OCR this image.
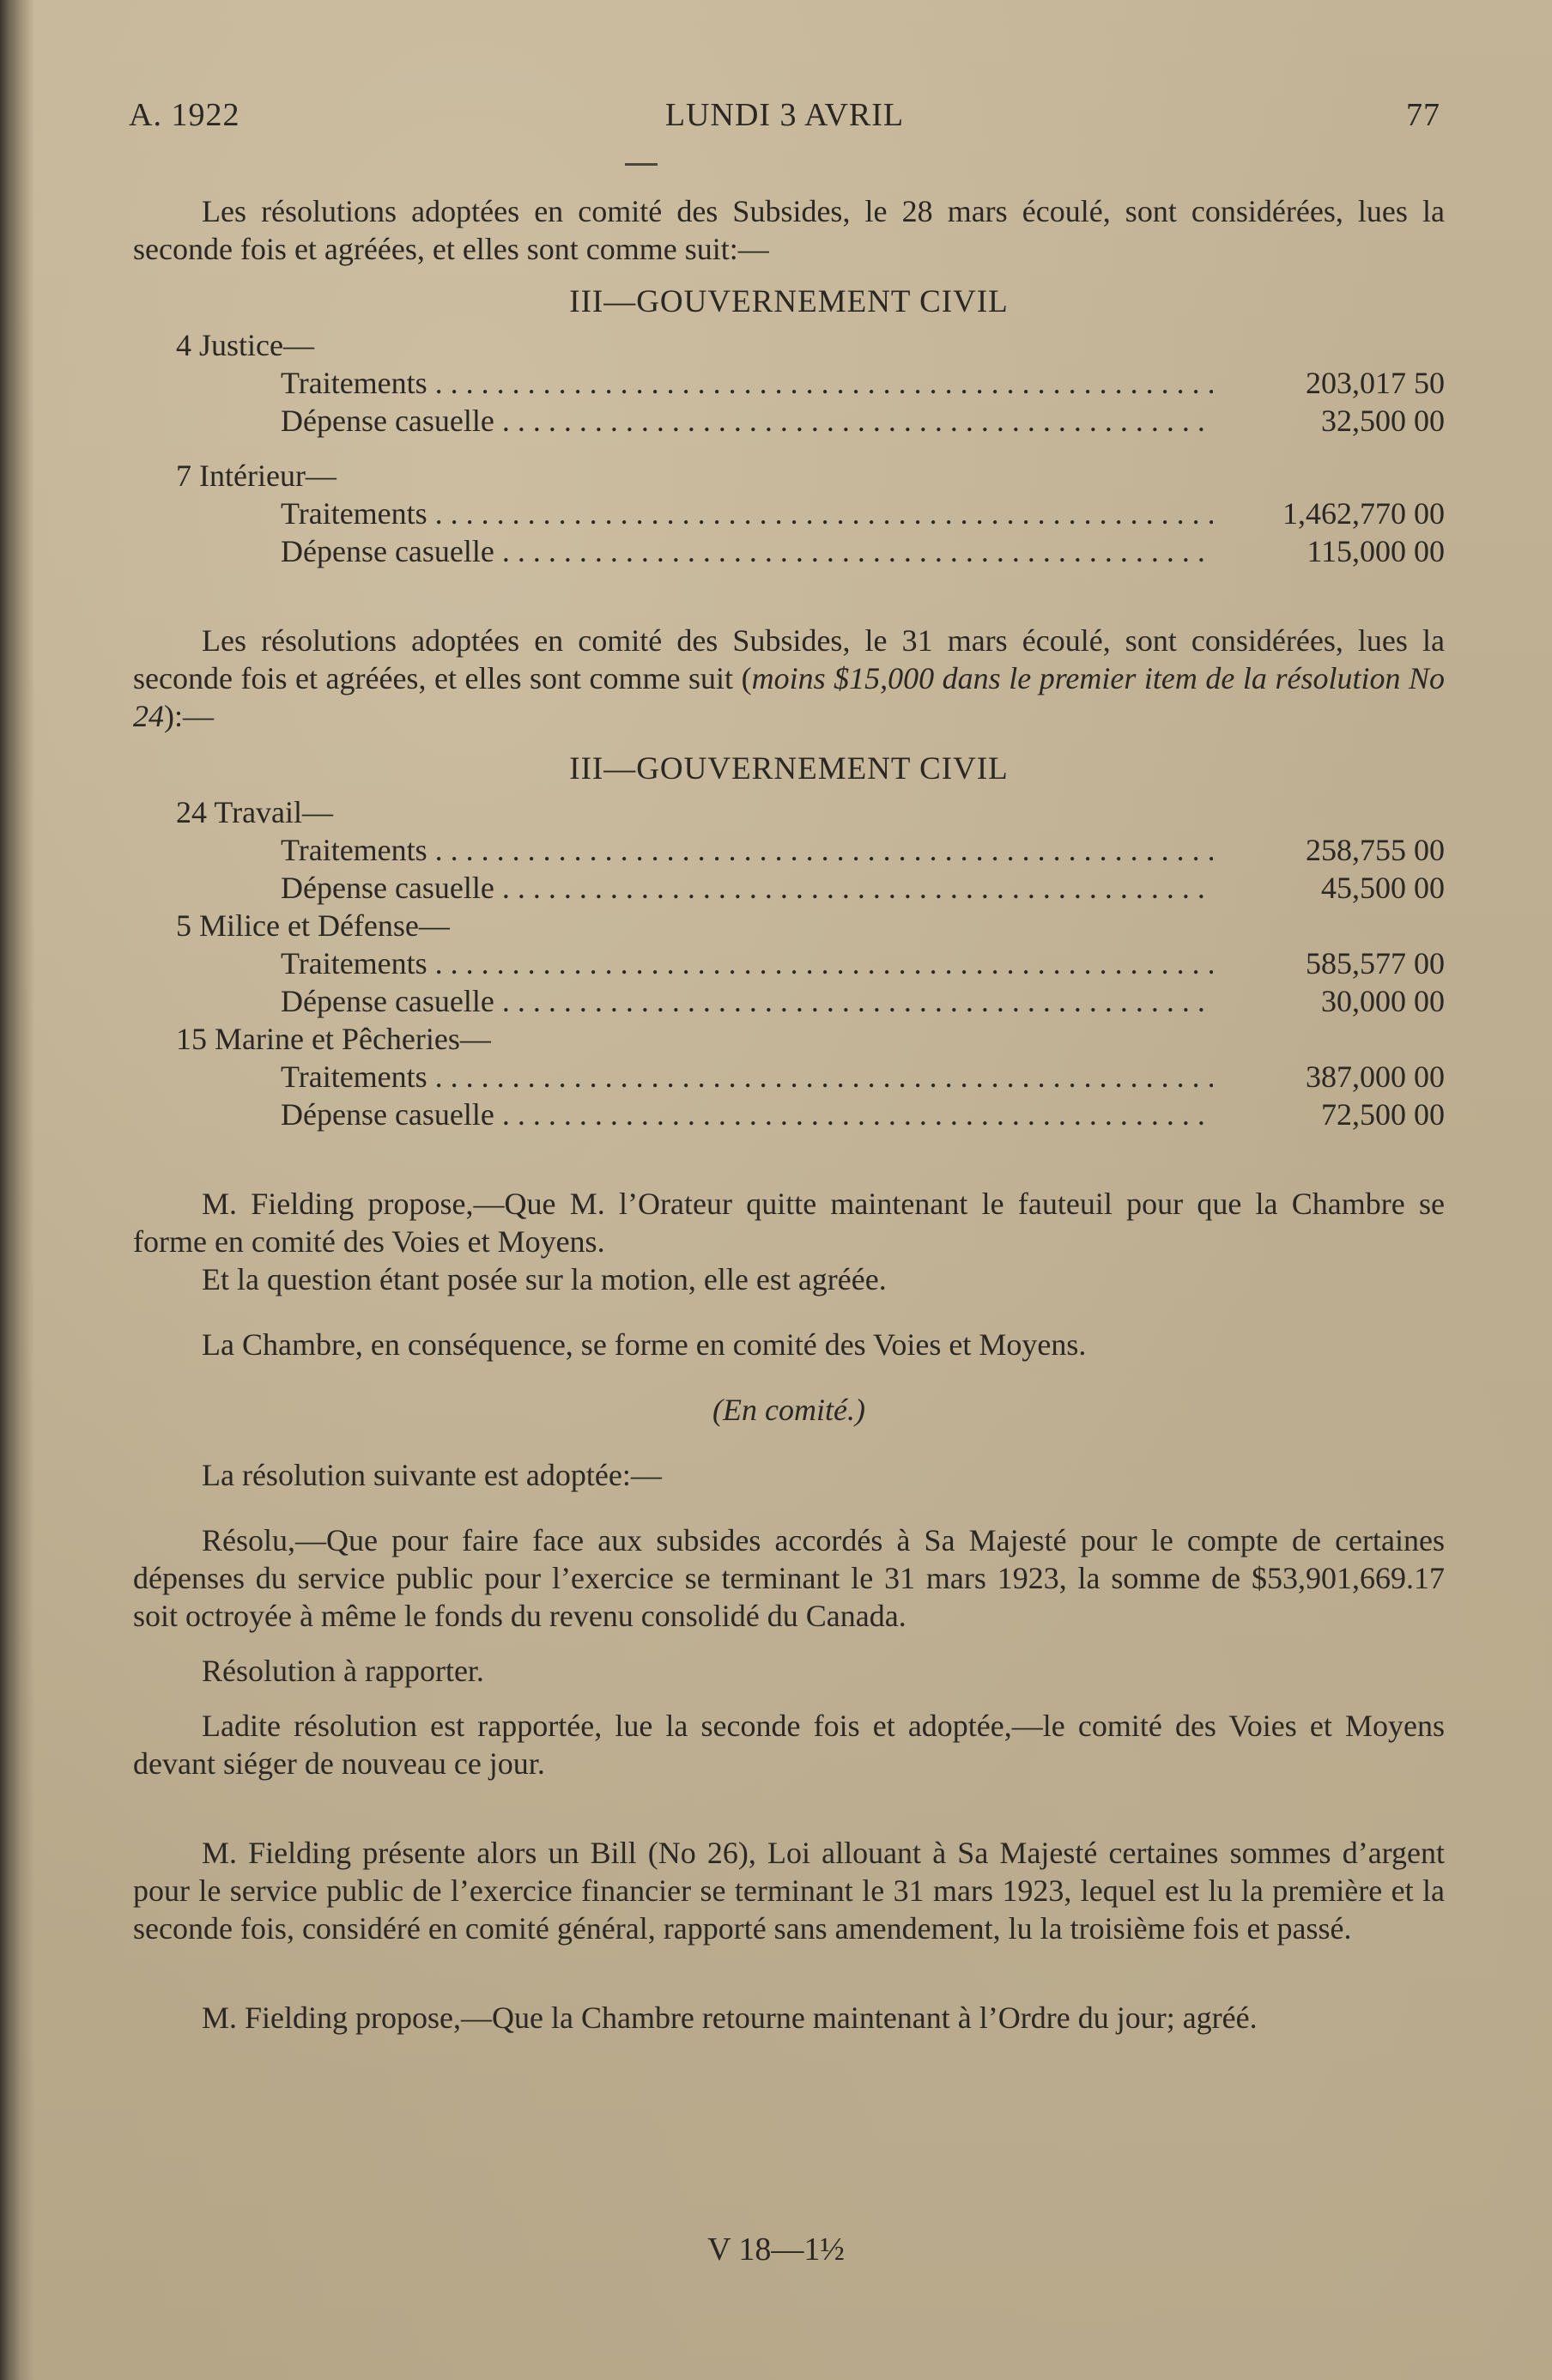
A. 1922	LUNDI 3 AVRIL	77

Les résolutions adoptées en comité des Subsides, le 28 mars écoulé, sont considérées, lues la seconde fois et agréées, et elles sont comme suit:—

III—GOUVERNEMENT CIVIL
4 Justice—
Traitements . . .	203,017 50
Dépense casuelle . . .	32,500 00
7 Intérieur—
Traitements . . .	1,462,770 00
Dépense casuelle . . .	115,000 00

Les résolutions adoptées en comité des Subsides, le 31 mars écoulé, sont considérées, lues la seconde fois et agréées, et elles sont comme suit (moins $15,000 dans le premier item de la résolution No 24):—

III—GOUVERNEMENT CIVIL
24 Travail—
Traitements . . .	258,755 00
Dépense casuelle . . .	45,500 00
5 Milice et Défense—
Traitements . . .	585,577 00
Dépense casuelle . . .	30,000 00
15 Marine et Pêcheries—
Traitements . . .	387,000 00
Dépense casuelle . . .	72,500 00

M. Fielding propose,—Que M. l’Orateur quitte maintenant le fauteuil pour que la Chambre se forme en comité des Voies et Moyens.

Et la question étant posée sur la motion, elle est agréée.

La Chambre, en conséquence, se forme en comité des Voies et Moyens.

(En comité.)

La résolution suivante est adoptée:—

Résolu,—Que pour faire face aux subsides accordés à Sa Majesté pour le compte de certaines dépenses du service public pour l’exercice se terminant le 31 mars 1923, la somme de $53,901,669.17 soit octroyée à même le fonds du revenu consolidé du Canada.

Résolution à rapporter.

Ladite résolution est rapportée, lue la seconde fois et adoptée,—le comité des Voies et Moyens devant siéger de nouveau ce jour.

M. Fielding présente alors un Bill (No 26), Loi allouant à Sa Majesté certaines sommes d’argent pour le service public de l’exercice financier se terminant le 31 mars 1923, lequel est lu la première et la seconde fois, considéré en comité général, rapporté sans amendement, lu la troisième fois et passé.

M. Fielding propose,—Que la Chambre retourne maintenant à l’Ordre du jour; agréé.

V 18—1½
